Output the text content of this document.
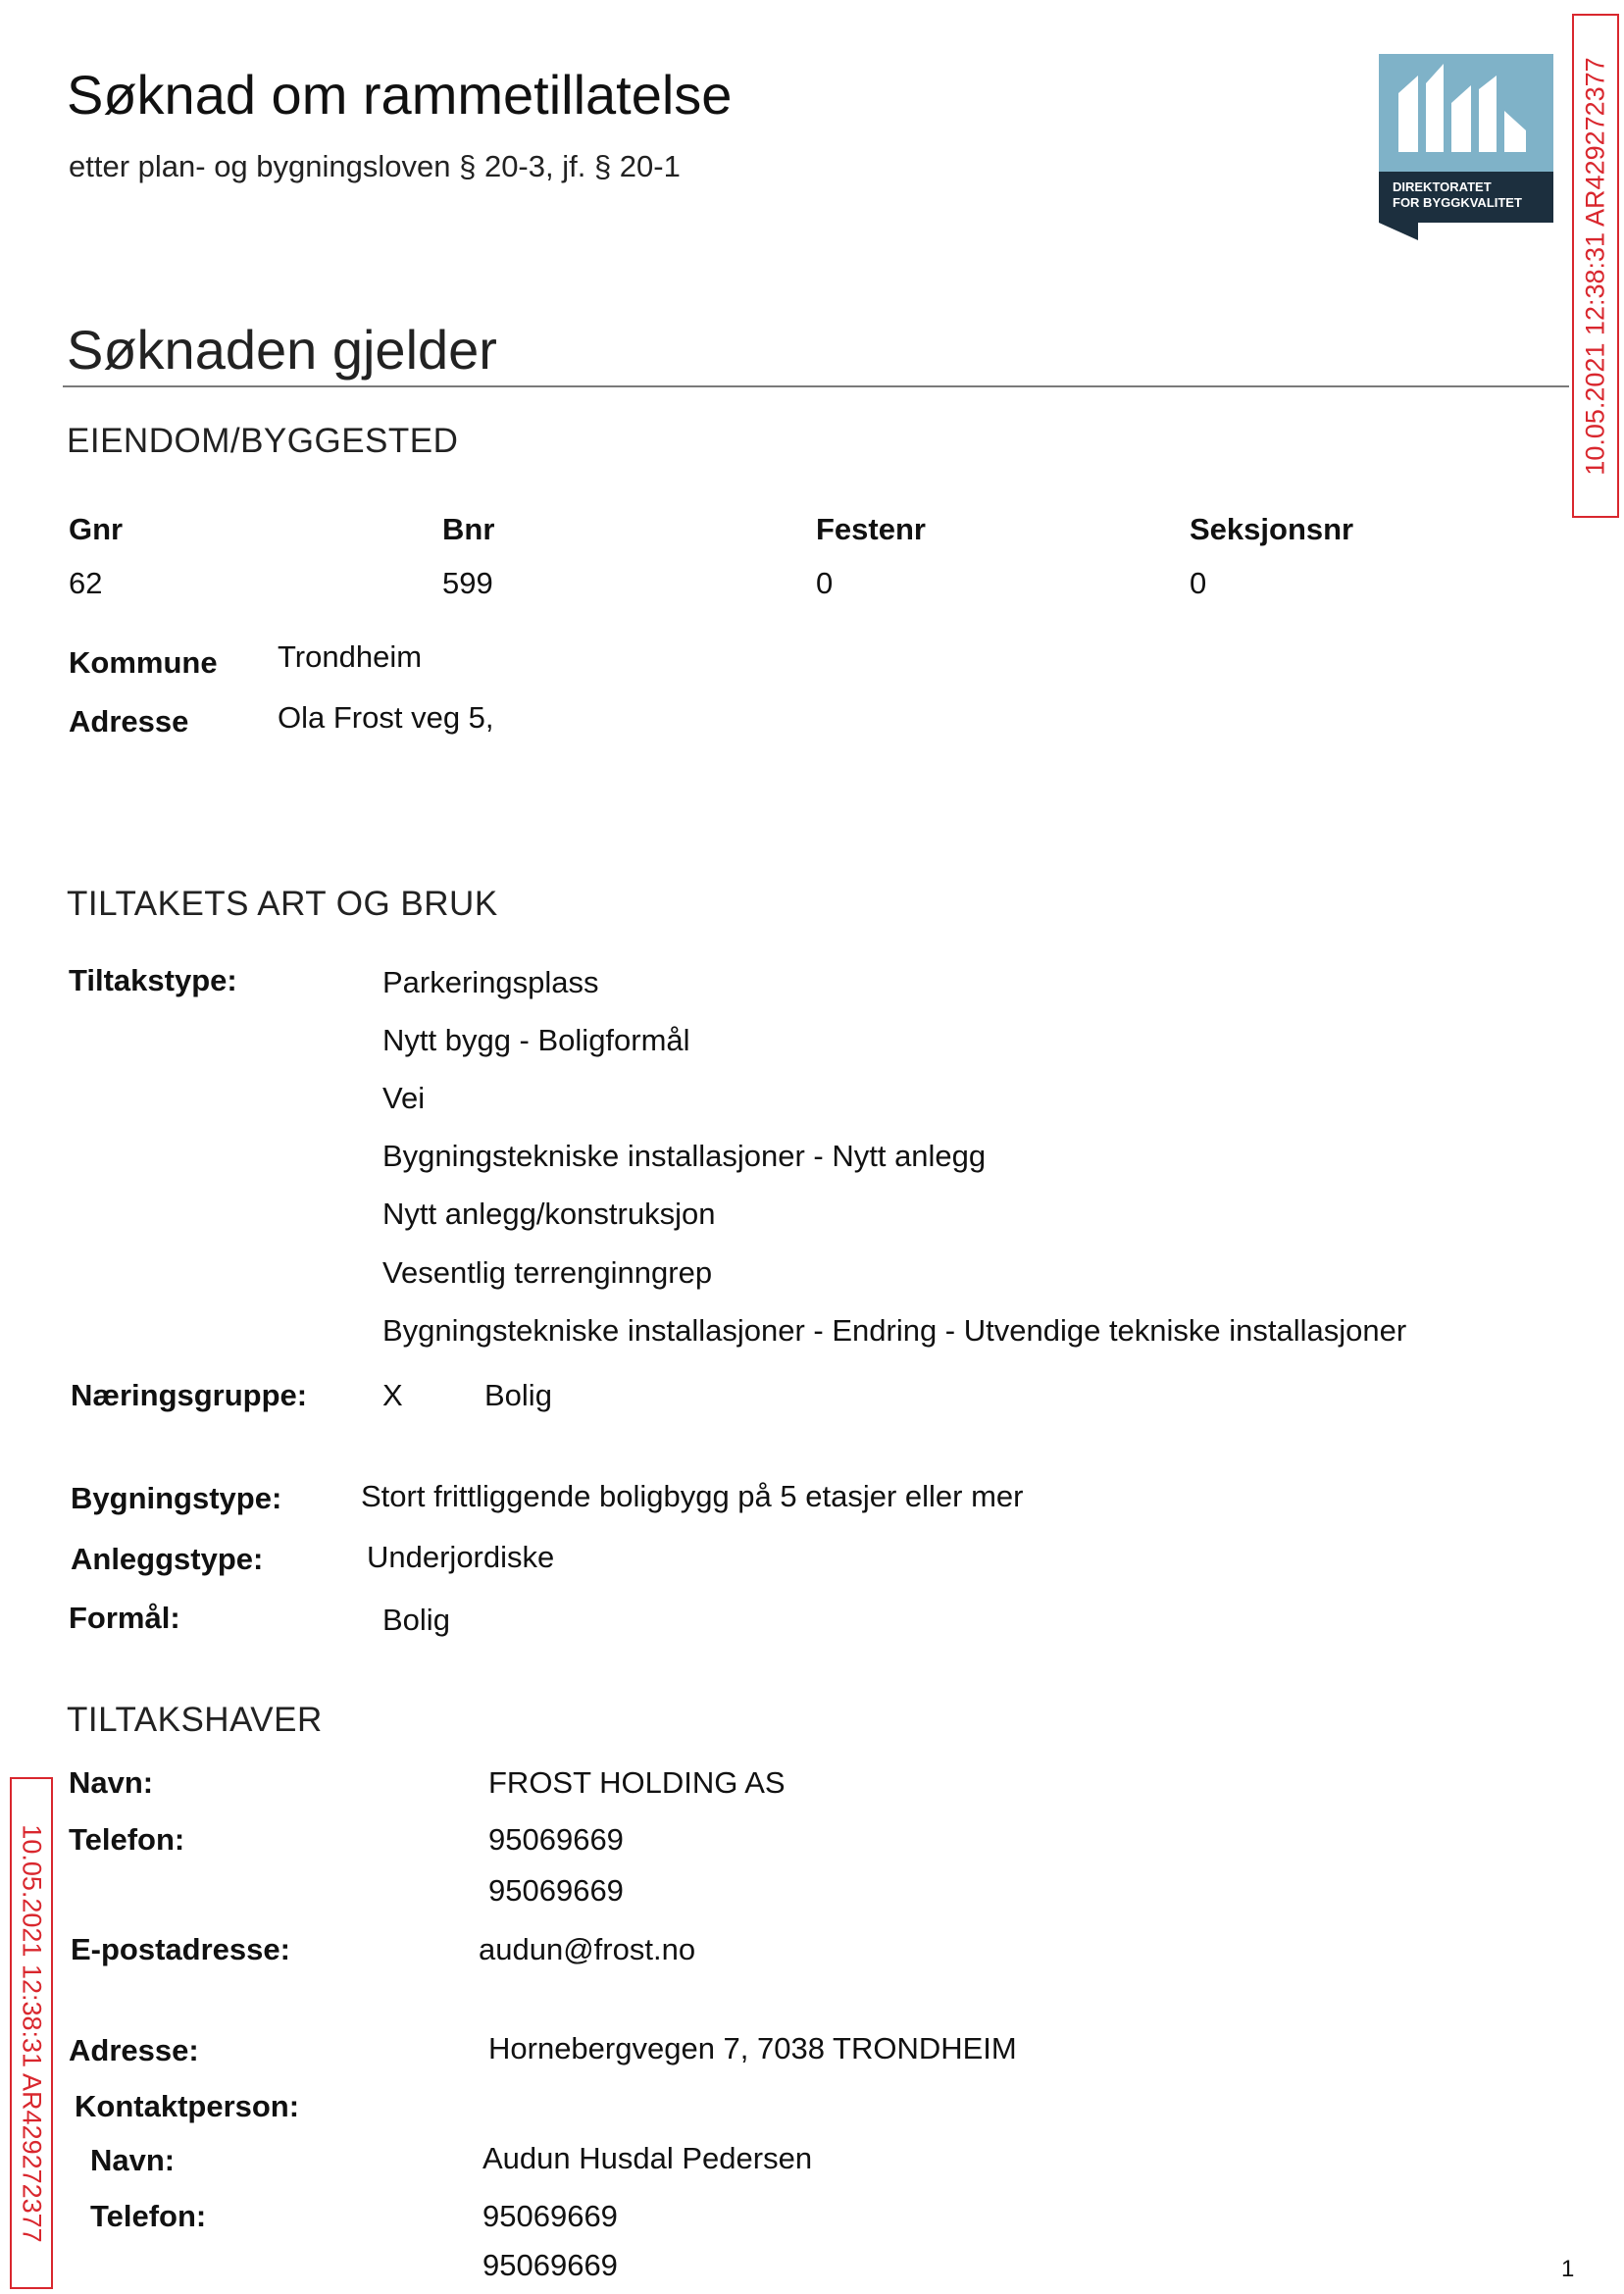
Søknad om rammetillatelse
etter plan- og bygningsloven § 20-3, jf. § 20-1
DIREKTORATET
FOR BYGGKVALITET 10.05.2021 12:38:31 AR429272377
10.05.2021 12:38:31 AR429272377
Søknaden gjelder
EIENDOM/BYGGESTED
Gnr	Bnr	Festenr	Seksjonsnr
62	599	0	0
Kommune Trondheim
Adresse	Ola Frost veg 5,
TILTAKETS ART OG BRUK
Tiltakstype:	Parkeringsplass
Nytt bygg - Boligformål
Vei
Bygningstekniske installasjoner - Nytt anlegg
Nytt anlegg/konstruksjon
Vesentlig terrenginngrep
Bygningstekniske installasjoner - Endring - Utvendige tekniske installasjoner
Næringsgruppe: X	Bolig
Bygningstype:	Stort frittliggende boligbygg på 5 etasjer eller mer
Anleggstype:	Underjordiske
Formål:	Bolig
TILTAKSHAVER
Navn:	FROST HOLDING AS
Telefon:	95069669
95069669
E-postadresse:	audun@frost.no
Adresse:	Hornebergvegen 7, 7038 TRONDHEIM
Kontaktperson:
Navn:	Audun Husdal Pedersen
Telefon:	95069669
95069669	1
